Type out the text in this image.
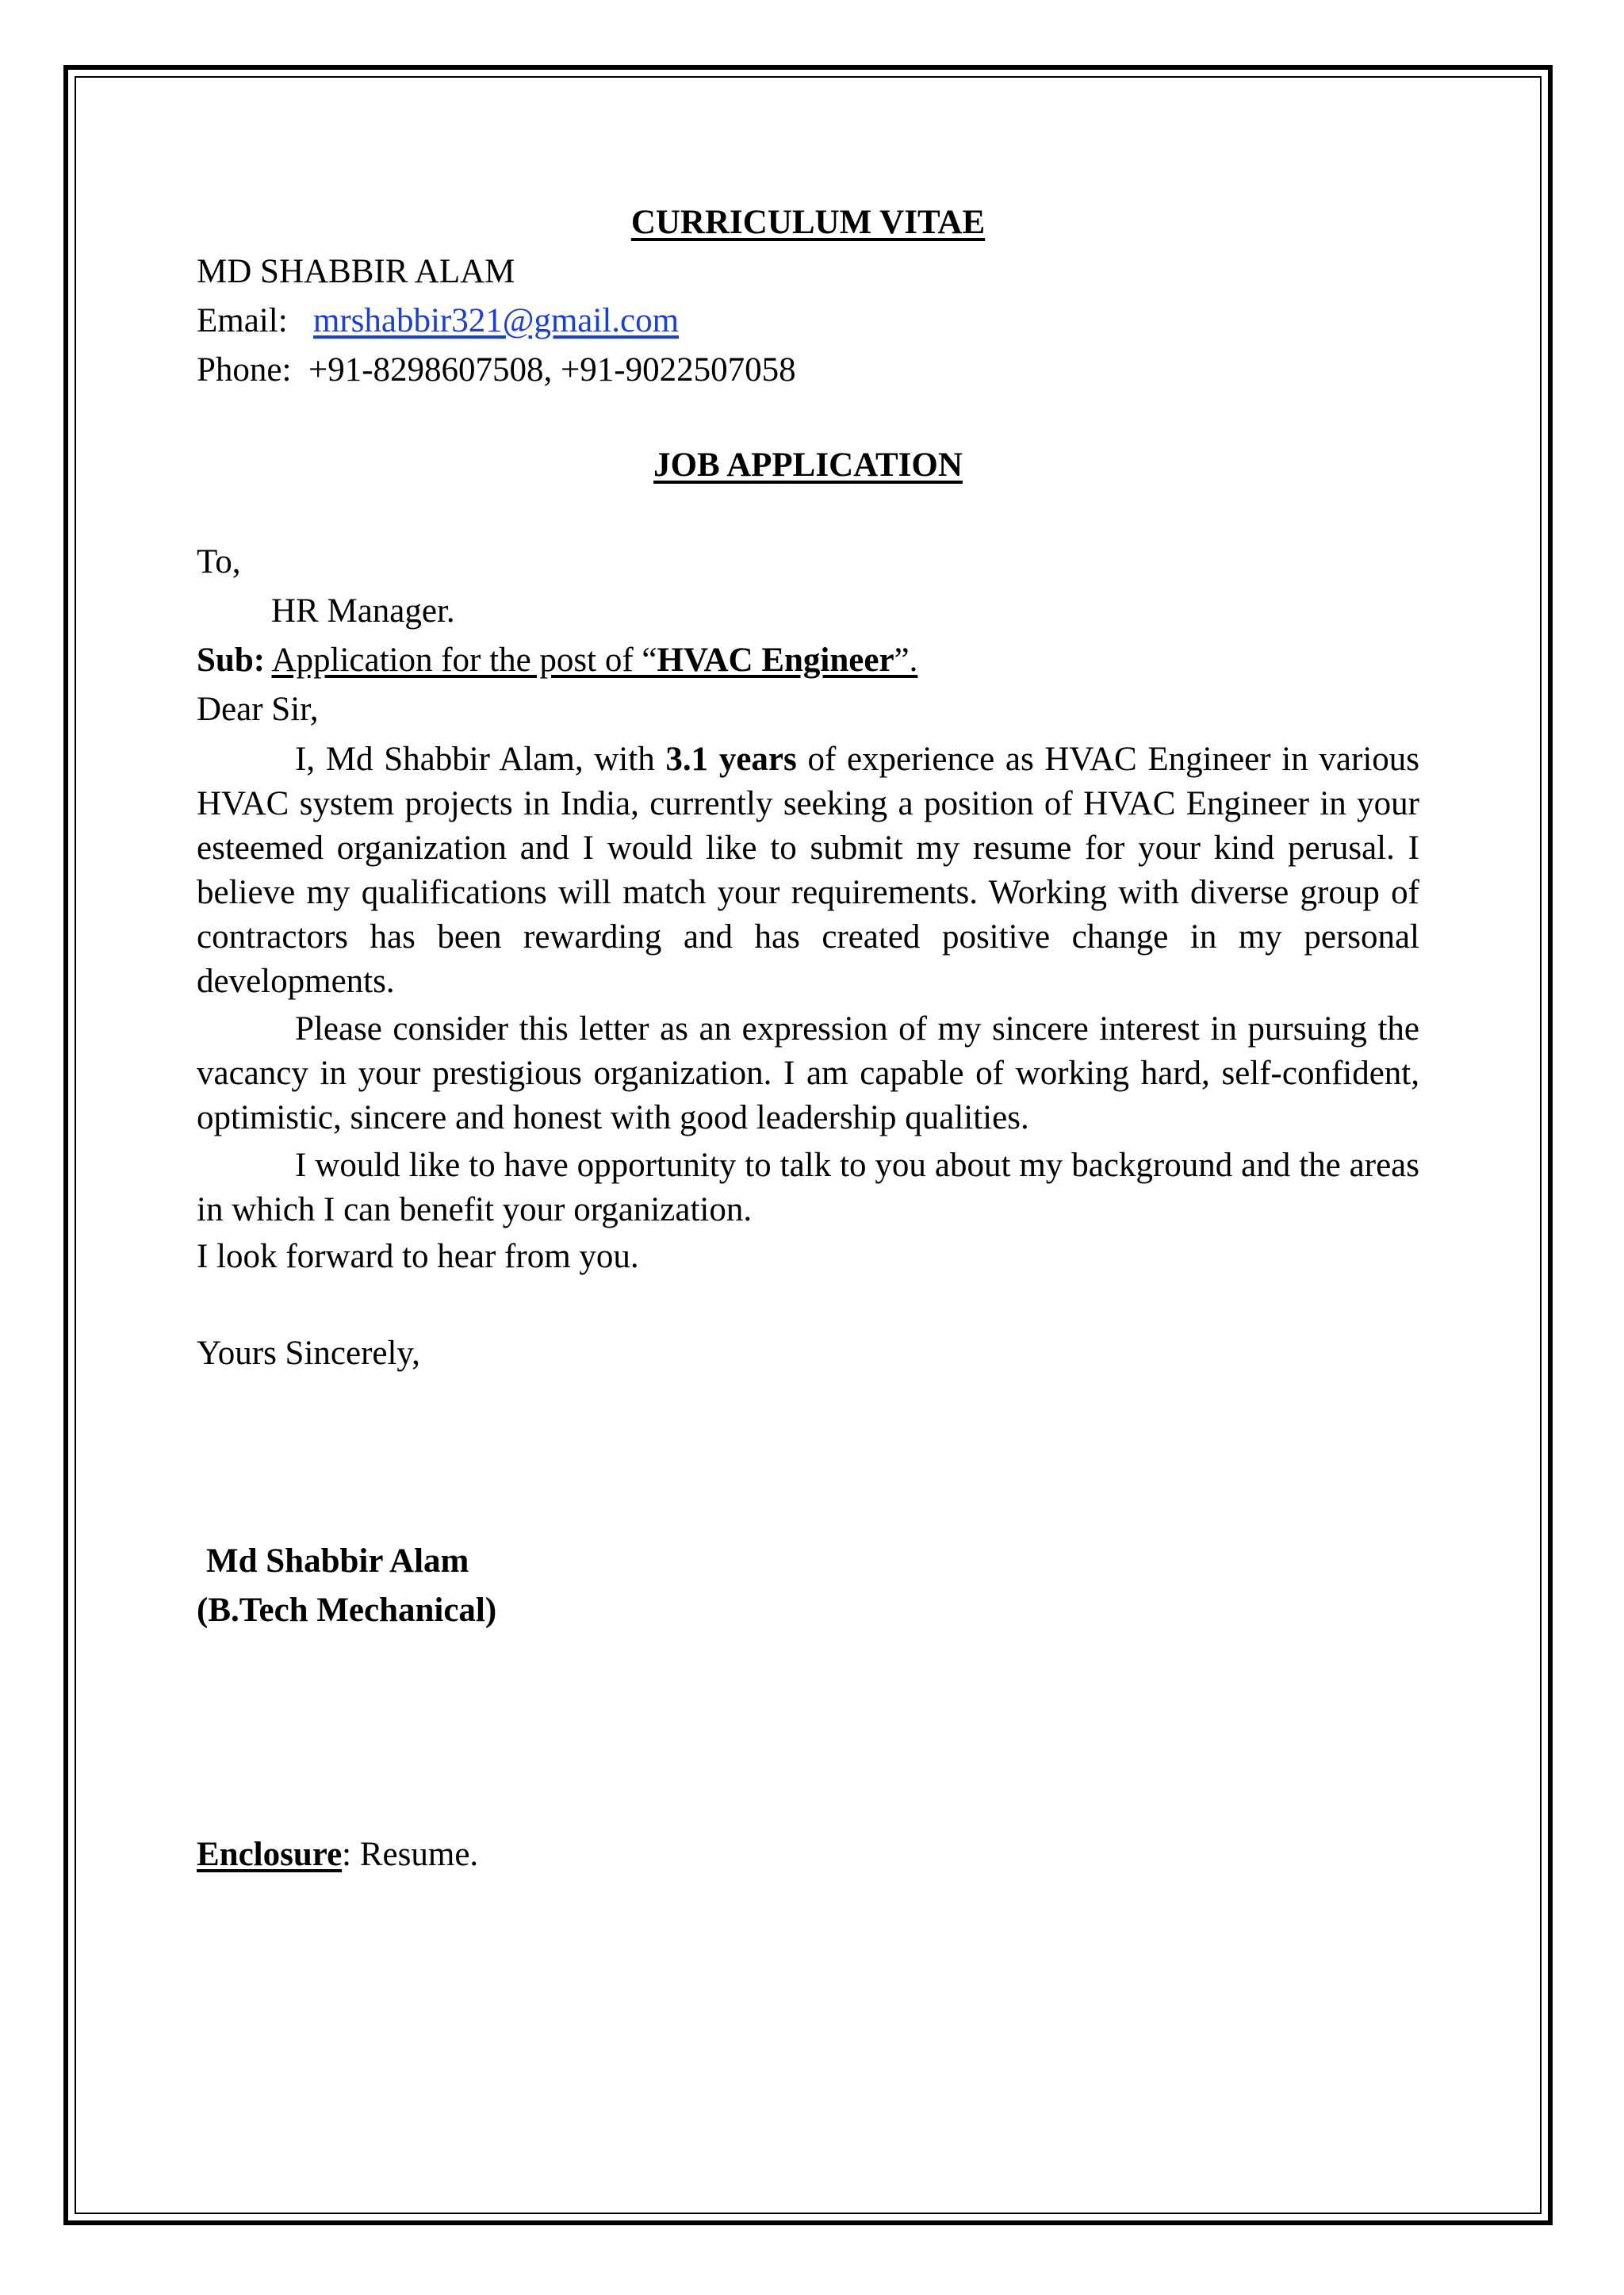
CURRICULUM VITAE
MD SHABBIR ALAM
Email: mrshabbir321@gmail.com
Phone: +91-8298607508, +91-9022507058
JOB APPLICATION
To,
HR Manager.
Sub: Application for the post of “HVAC Engineer”.
Dear Sir,
I, Md Shabbir Alam, with 3.1 years of experience as HVAC Engineer in various HVAC system projects in India, currently seeking a position of HVAC Engineer in your esteemed organization and I would like to submit my resume for your kind perusal. I believe my qualifications will match your requirements. Working with diverse group of contractors has been rewarding and has created positive change in my personal developments.
Please consider this letter as an expression of my sincere interest in pursuing the vacancy in your prestigious organization. I am capable of working hard, self-confident, optimistic, sincere and honest with good leadership qualities.
I would like to have opportunity to talk to you about my background and the areas in which I can benefit your organization.
I look forward to hear from you.
Yours Sincerely,
Md Shabbir Alam
(B.Tech Mechanical)
Enclosure: Resume.
